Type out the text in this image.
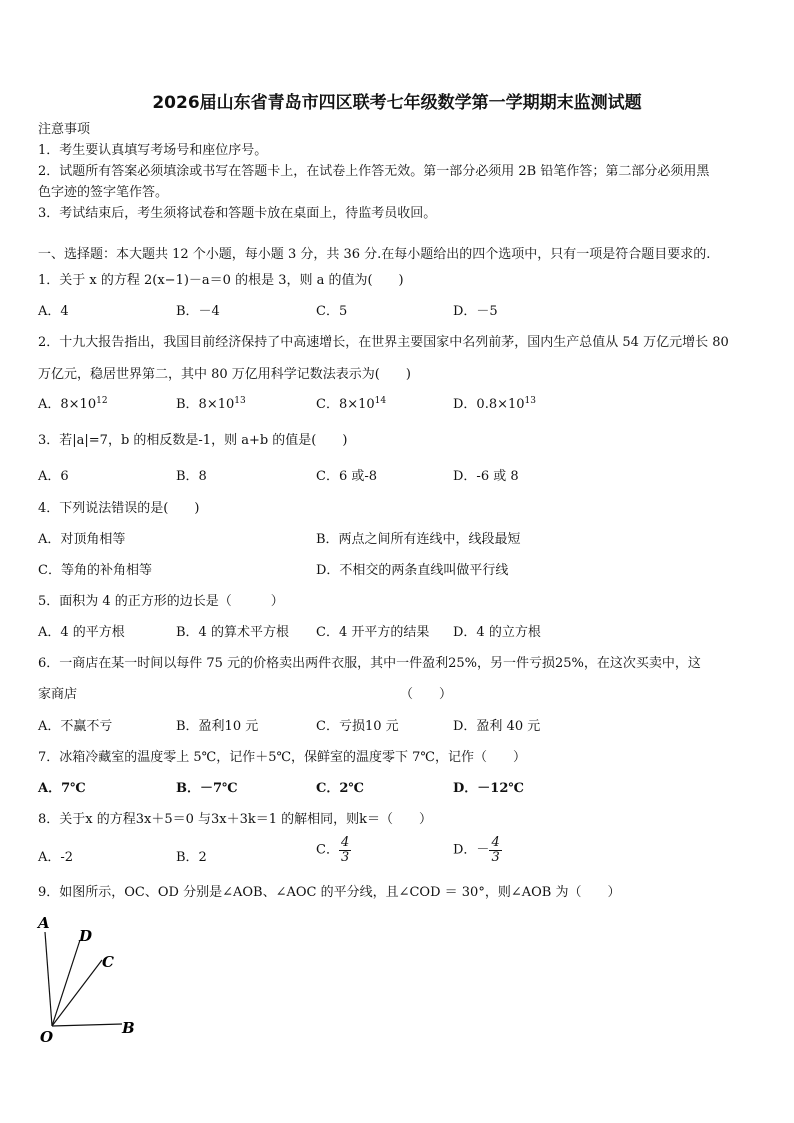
2026届山东省青岛市四区联考七年级数学第一学期期末监测试题
注意事项
1．考生要认真填写考场号和座位序号。
2．试题所有答案必须填涂或书写在答题卡上，在试卷上作答无效。第一部分必须用 2B 铅笔作答；第二部分必须用黑
色字迹的签字笔作答。
3．考试结束后，考生须将试卷和答题卡放在桌面上，待监考员收回。
一、选择题：本大题共 12 个小题，每小题 3 分，共 36 分.在每小题给出的四个选项中，只有一项是符合题目要求的.
1．关于 x 的方程 2(x−1)－a＝0 的根是 3，则 a 的值为(　　)
A．4	B．－4	C．5	D．－5
2．十九大报告指出，我国目前经济保持了中高速增长，在世界主要国家中名列前茅，国内生产总值从 54 万亿元增长 80
万亿元，稳居世界第二，其中 80 万亿用科学记数法表示为(　　)
A．$8\times 10^{12}$	B．$8\times 10^{13}$	C．$8\times 10^{14}$	D．$0.8\times 10^{13}$
3．若|a|=7，b 的相反数是-1，则 a+b 的值是(　　)
A．6	B．8	C．6 或-8	D．-6 或 8
4．下列说法错误的是(　　)
A．对顶角相等	B．两点之间所有连线中，线段最短
C．等角的补角相等	D．不相交的两条直线叫做平行线
5．面积为 4 的正方形的边长是（　　　）
A．4 的平方根	B．4 的算术平方根 C．4 开平方的结果 D．4 的立方根
6．一商店在某一时间以每件 75 元的价格卖出两件衣服，其中一件盈利25%，另一件亏损25%，在这次买卖中，这
家商店	（　　）
A．不赢不亏	B．盈利10 元	C．亏损10 元	D．盈利 40 元
7．冰箱冷藏室的温度零上 5℃，记作＋5℃，保鲜室的温度零下 7℃，记作（　　）
A．7℃	B．－7℃	C．2℃	D．－12℃
8．关于x 的方程3x＋5＝0 与3x＋3k＝1 的解相同，则k＝（　　）
A．-2	B．2	C． $\frac{4}{3}$	D．－ $\frac{4}{3}$
9．如图所示，OC、OD 分别是∠AOB、∠AOC 的平分线，且∠COD ＝ 30°，则∠AOB 为（　　）
A
D
C
B
O
